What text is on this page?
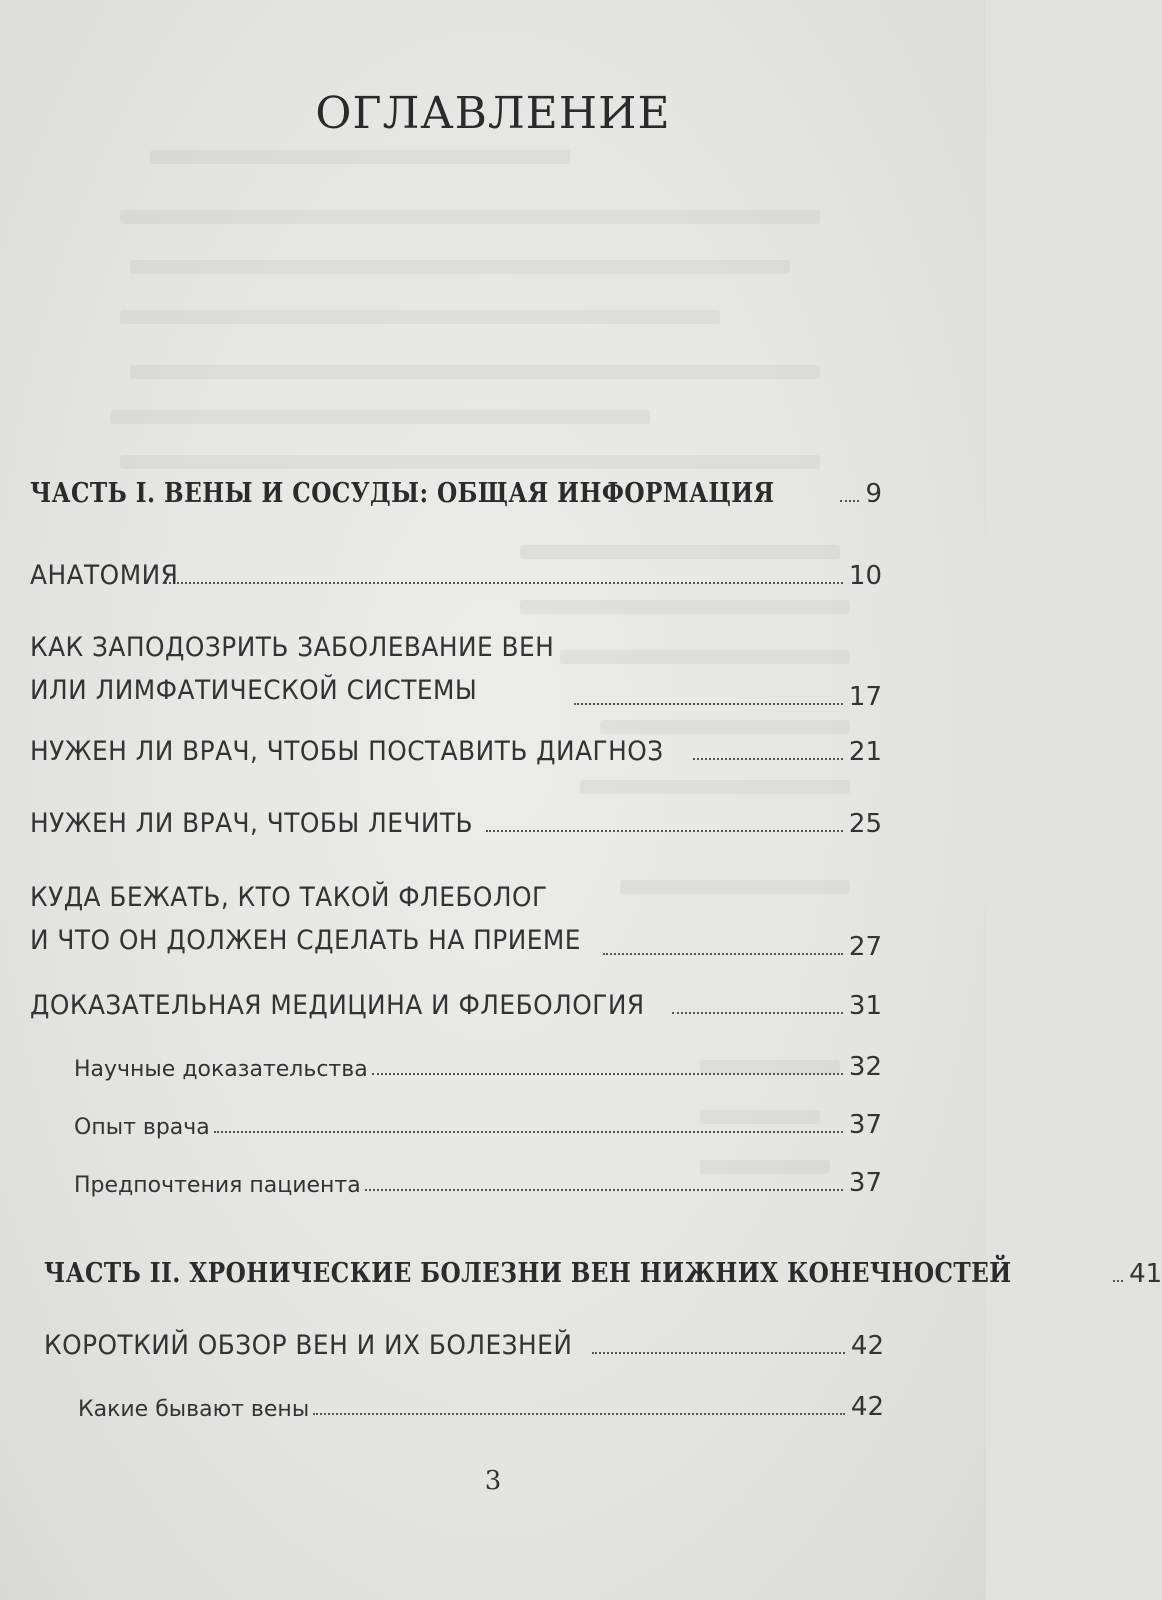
ОГЛАВЛЕНИЕ
ЧАСТЬ I. ВЕНЫ И СОСУДЫ: ОБЩАЯ ИНФОРМАЦИЯ	9
АНАТОМИЯ	10
КАК ЗАПОДОЗРИТЬ ЗАБОЛЕВАНИЕ ВЕН
ИЛИ ЛИМФАТИЧЕСКОЙ СИСТЕМЫ	17
НУЖЕН ЛИ ВРАЧ, ЧТОБЫ ПОСТАВИТЬ ДИАГНОЗ	21
НУЖЕН ЛИ ВРАЧ, ЧТОБЫ ЛЕЧИТЬ	25
КУДА БЕЖАТЬ, КТО ТАКОЙ ФЛЕБОЛОГ
И ЧТО ОН ДОЛЖЕН СДЕЛАТЬ НА ПРИЕМЕ	27
ДОКАЗАТЕЛЬНАЯ МЕДИЦИНА И ФЛЕБОЛОГИЯ	31
Научные доказательства	32
Опыт врача	37
Предпочтения пациента	37
ЧАСТЬ II. ХРОНИЧЕСКИЕ БОЛЕЗНИ ВЕН НИЖНИХ КОНЕЧНОСТЕЙ	41
КОРОТКИЙ ОБЗОР ВЕН И ИХ БОЛЕЗНЕЙ	42
Какие бывают вены	42
3
